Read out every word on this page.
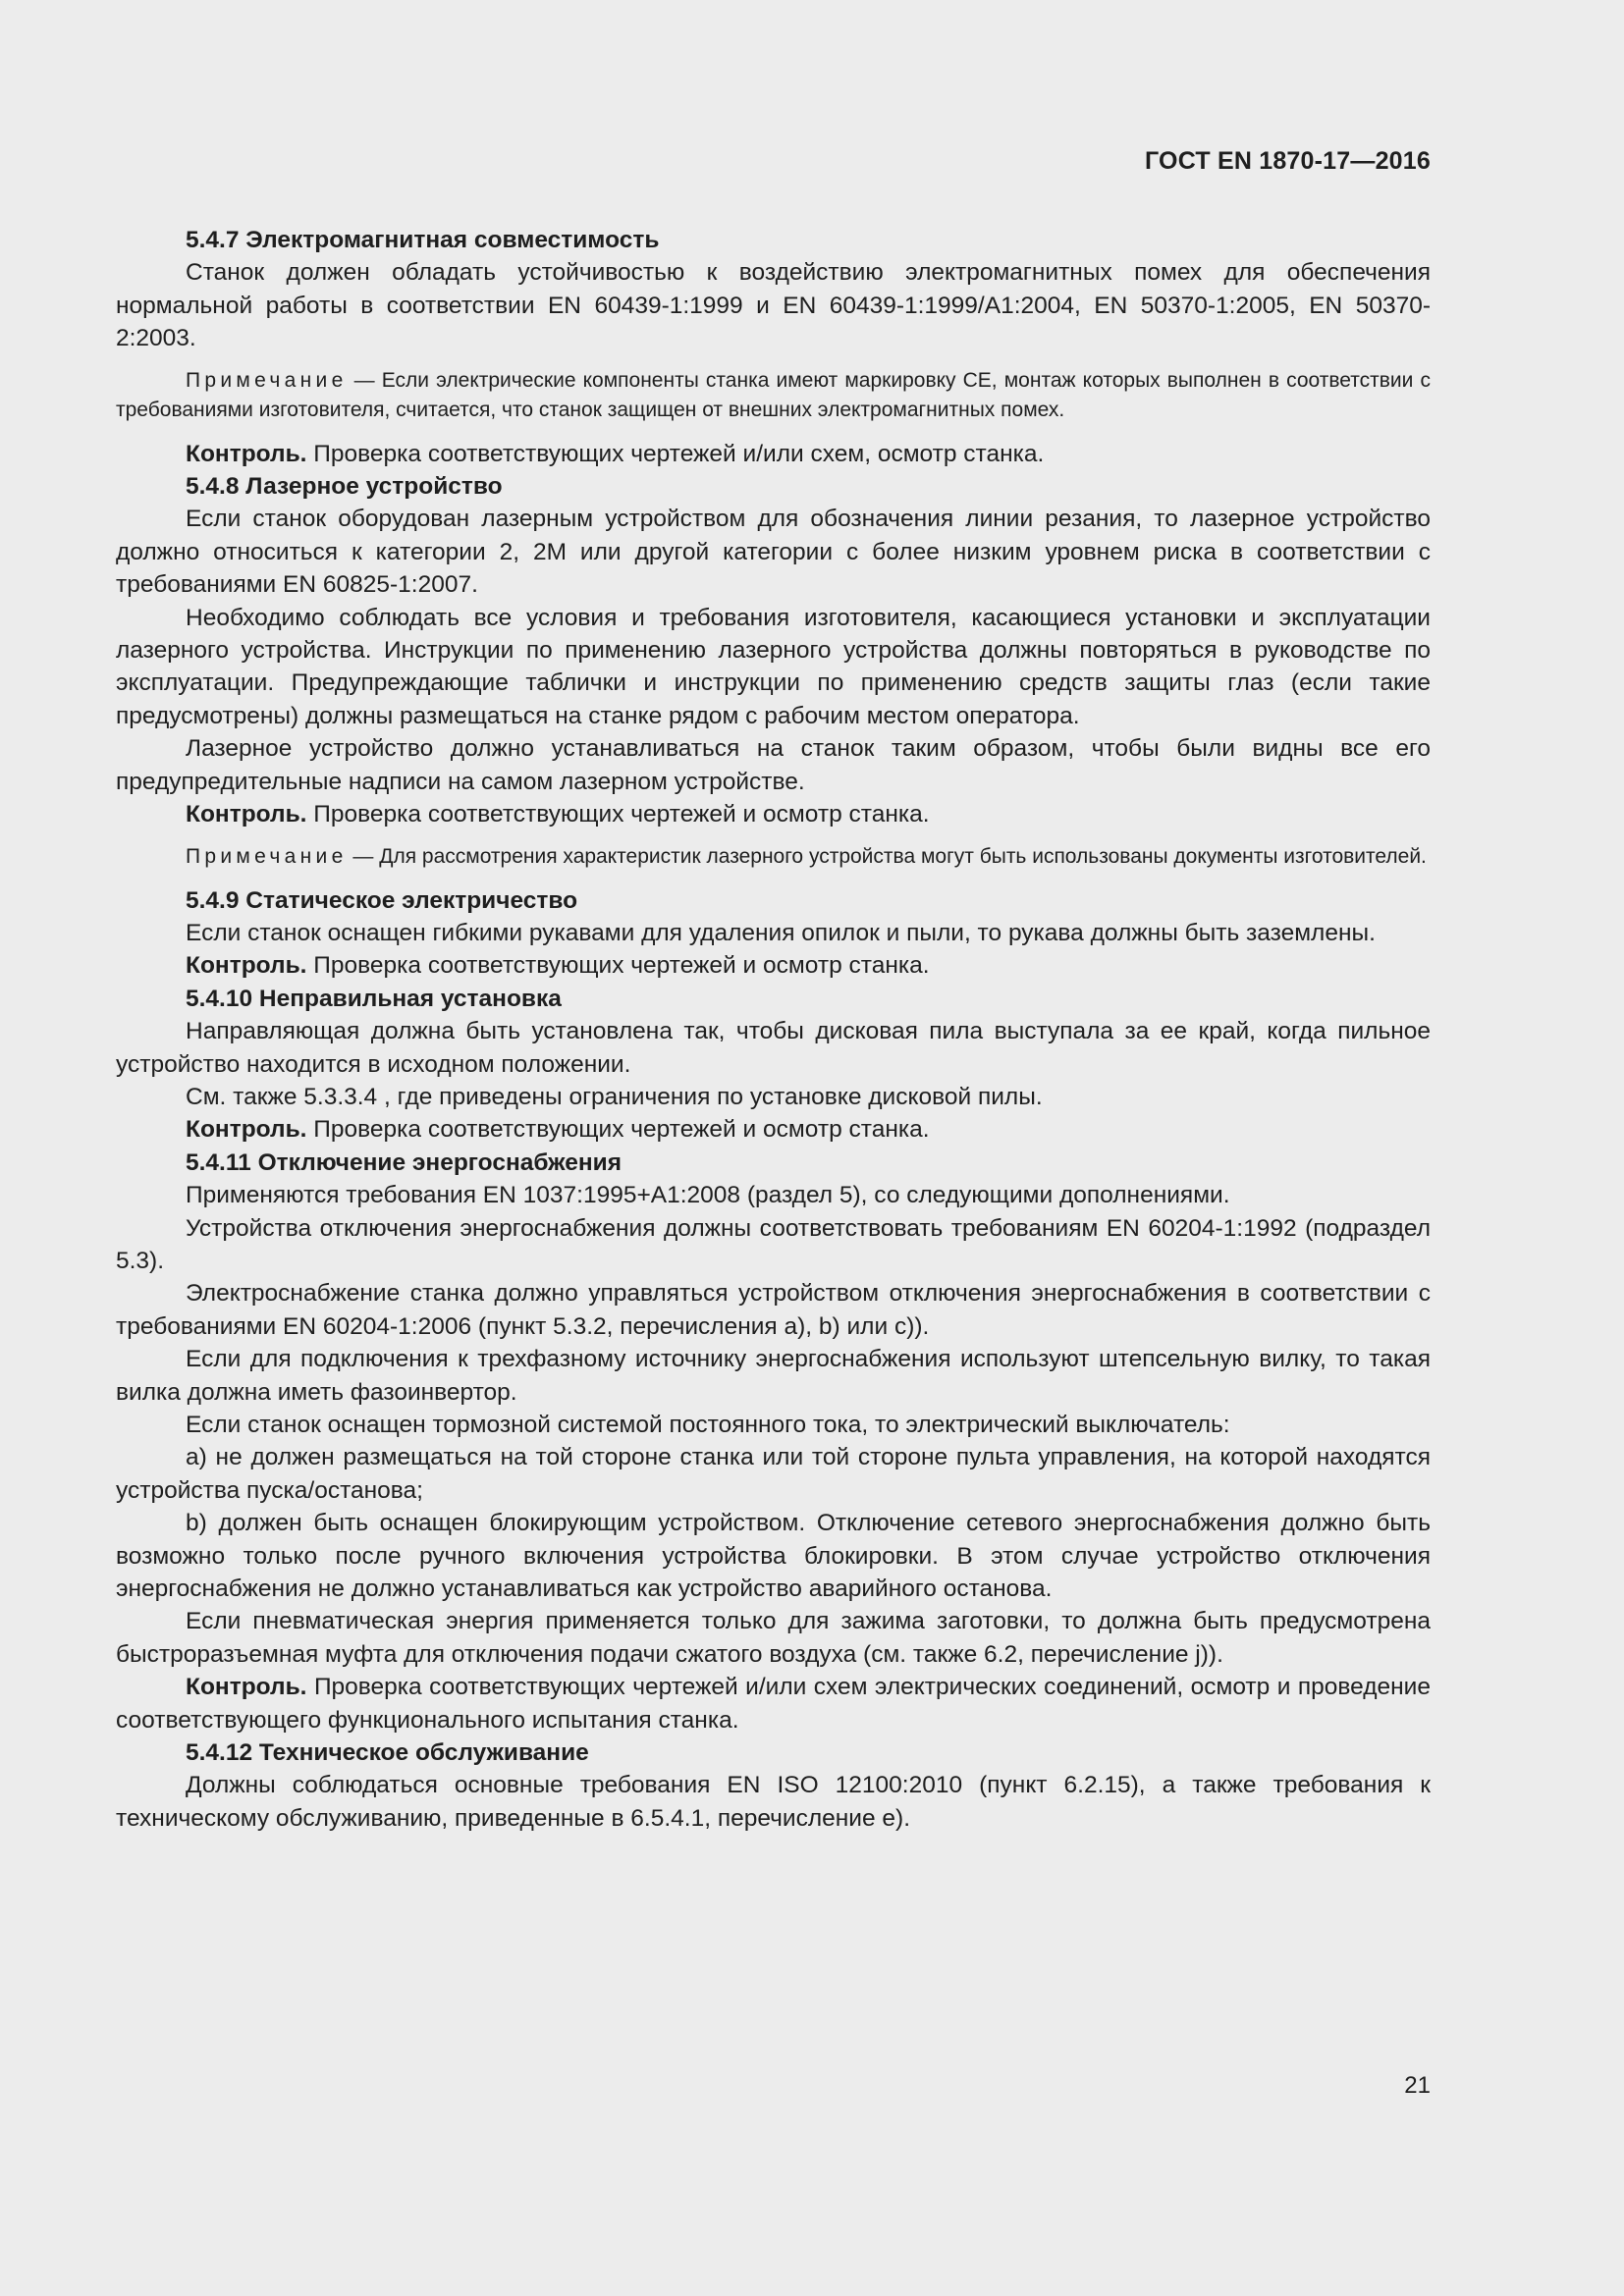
ГОСТ EN 1870-17—2016

5.4.7 Электромагнитная совместимость

Станок должен обладать устойчивостью к воздействию электромагнитных помех для обеспечения нормальной работы в соответствии EN 60439-1:1999 и EN 60439-1:1999/A1:2004, EN 50370-1:2005, EN 50370-2:2003.

Примечание — Если электрические компоненты станка имеют маркировку CE, монтаж которых выполнен в соответствии с требованиями изготовителя, считается, что станок защищен от внешних электромагнитных помех.

Контроль. Проверка соответствующих чертежей и/или схем, осмотр станка.

5.4.8 Лазерное устройство

Если станок оборудован лазерным устройством для обозначения линии резания, то лазерное устройство должно относиться к категории 2, 2M или другой категории с более низким уровнем риска в соответствии с требованиями EN 60825-1:2007.

Необходимо соблюдать все условия и требования изготовителя, касающиеся установки и эксплуатации лазерного устройства. Инструкции по применению лазерного устройства должны повторяться в руководстве по эксплуатации. Предупреждающие таблички и инструкции по применению средств защиты глаз (если такие предусмотрены) должны размещаться на станке рядом с рабочим местом оператора.

Лазерное устройство должно устанавливаться на станок таким образом, чтобы были видны все его предупредительные надписи на самом лазерном устройстве.

Контроль. Проверка соответствующих чертежей и осмотр станка.

Примечание — Для рассмотрения характеристик лазерного устройства могут быть использованы документы изготовителей.

5.4.9 Статическое электричество

Если станок оснащен гибкими рукавами для удаления опилок и пыли, то рукава должны быть заземлены.

Контроль. Проверка соответствующих чертежей и осмотр станка.

5.4.10 Неправильная установка

Направляющая должна быть установлена так, чтобы дисковая пила выступала за ее край, когда пильное устройство находится в исходном положении.

См. также 5.3.3.4 , где приведены ограничения по установке дисковой пилы.

Контроль. Проверка соответствующих чертежей и осмотр станка.

5.4.11 Отключение энергоснабжения

Применяются требования EN 1037:1995+A1:2008 (раздел 5), со следующими дополнениями.

Устройства отключения энергоснабжения должны соответствовать требованиям EN 60204-1:1992 (подраздел 5.3).

Электроснабжение станка должно управляться устройством отключения энергоснабжения в соответствии с требованиями EN 60204-1:2006 (пункт 5.3.2, перечисления a), b) или c)).

Если для подключения к трехфазному источнику энергоснабжения используют штепсельную вилку, то такая вилка должна иметь фазоинвертор.

Если станок оснащен тормозной системой постоянного тока, то электрический выключатель:

a) не должен размещаться на той стороне станка или той стороне пульта управления, на которой находятся устройства пуска/останова;

b) должен быть оснащен блокирующим устройством. Отключение сетевого энергоснабжения должно быть возможно только после ручного включения устройства блокировки. В этом случае устройство отключения энергоснабжения не должно устанавливаться как устройство аварийного останова.

Если пневматическая энергия применяется только для зажима заготовки, то должна быть предусмотрена быстроразъемная муфта для отключения подачи сжатого воздуха (см. также 6.2, перечисление j)).

Контроль. Проверка соответствующих чертежей и/или схем электрических соединений, осмотр и проведение соответствующего функционального испытания станка.

5.4.12 Техническое обслуживание

Должны соблюдаться основные требования EN ISO 12100:2010 (пункт 6.2.15), а также требования к техническому обслуживанию, приведенные в 6.5.4.1, перечисление e).

21
